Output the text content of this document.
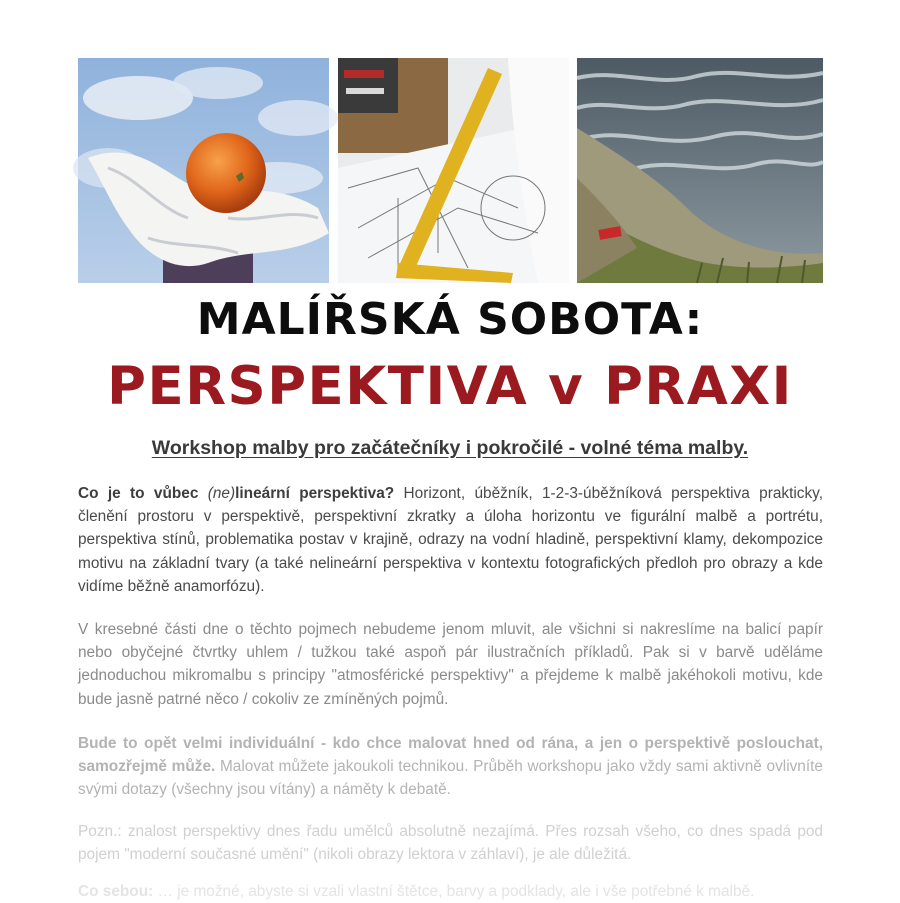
MALÍŘSKÁ SOBOTA:
PERSPEKTIVA v PRAXI

Workshop malby pro začátečníky i pokročilé - volné téma malby.

Co je to vůbec (ne)lineární perspektiva? Horizont, úběžník, 1-2-3-úběžníková perspektiva prakticky, členění prostoru v perspektivě, perspektivní zkratky a úloha horizontu ve figurální malbě a portrétu, perspektiva stínů, problematika postav v krajině, odrazy na vodní hladině, perspektivní klamy, dekompozice motivu na základní tvary (a také nelineární perspektiva v kontextu fotografických předloh pro obrazy a kde vidíme běžně anamorfózu).

V kresebné části dne o těchto pojmech nebudeme jenom mluvit, ale všichni si nakreslíme na balicí papír nebo obyčejné čtvrtky uhlem / tužkou také aspoň pár ilustračních příkladů. Pak si v barvě uděláme jednoduchou mikromalbu s principy "atmosférické perspektivy" a přejdeme k malbě jakéhokoli motivu, kde bude jasně patrné něco / cokoliv ze zmíněných pojmů.

Bude to opět velmi individuální - kdo chce malovat hned od rána, a jen o perspektivě poslouchat, samozřejmě může. Malovat můžete jakoukoli technikou. Průběh workshopu jako vždy sami aktivně ovlivníte svými dotazy (všechny jsou vítány) a náměty k debatě.

Pozn.: znalost perspektivy dnes řadu umělců absolutně nezajímá. Přes rozsah všeho, co dnes spadá pod pojem "moderní současné umění" (nikoli obrazy lektora v záhlaví), je ale důležitá.

Co sebou: … je možné, abyste si vzali vlastní štětce, barvy a podklady, ale i vše potřebné k malbě.
